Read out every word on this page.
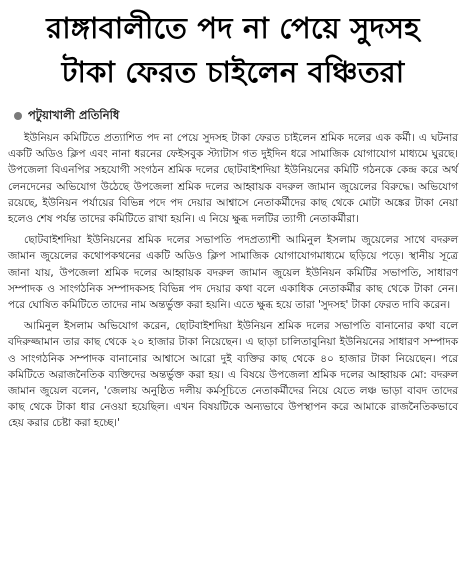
রাঙ্গাবালীতে পদ না পেয়ে সুদসহ
টাকা ফেরত চাইলেন বঞ্চিতরা
পটুয়াখালী প্রতিনিধি

ইউনিয়ন কমিটিতে প্রত্যাশিত পদ না পেয়ে সুদসহ টাকা ফেরত চাইলেন শ্রমিক দলের এক কর্মী। এ ঘটনার একটি অডিও ক্লিপ এবং নানা ধরনের ফেইসবুক স্ট্যাটাস গত দুইদিন ধরে সামাজিক যোগাযোগ মাধ্যমে ঘুরছে। উপজেলা বিএনপির সহযোগী সংগঠন শ্রমিক দলের ছোটবাইশদিয়া ইউনিয়নের কমিটি গঠনকে কেন্দ্র করে অর্থ লেনদেনের অভিযোগ উঠেছে উপজেলা শ্রমিক দলের আহ্বায়ক বদরুল জামান জুয়েলের বিরুদ্ধে। অভিযোগ রয়েছে, ইউনিয়ন পর্যায়ের বিভিন্ন পদে পদ দেয়ার আশ্বাসে নেতাকর্মীদের কাছ থেকে মোটা অঙ্কের টাকা নেয়া হলেও শেষ পর্যন্ত তাদের কমিটিতে রাখা হয়নি। এ নিয়ে ক্ষুব্ধ দলটির ত্যাগী নেতাকর্মীরা।

ছোটবাইশদিয়া ইউনিয়নের শ্রমিক দলের সভাপতি পদপ্রত্যাশী আমিনুল ইসলাম জুয়েলের সাথে বদরুল জামান জুয়েলের কথোপকথনের একটি অডিও ক্লিপ সামাজিক যোগাযোগমাধ্যমে ছড়িয়ে পড়ে। স্থানীয় সূত্রে জানা যায়, উপজেলা শ্রমিক দলের আহ্বায়ক বদরুল জামান জুয়েল ইউনিয়ন কমিটির সভাপতি, সাধারণ সম্পাদক ও সাংগঠনিক সম্পাদকসহ বিভিন্ন পদ দেয়ার কথা বলে একাধিক নেতাকর্মীর কাছ থেকে টাকা নেন। পরে ঘোষিত কমিটিতে তাদের নাম অন্তর্ভুক্ত করা হয়নি। এতে ক্ষুব্ধ হয়ে তারা 'সুদসহ' টাকা ফেরত দাবি করেন।

আমিনুল ইসলাম অভিযোগ করেন, ছোটবাইশদিয়া ইউনিয়ন শ্রমিক দলের সভাপতি বানানোর কথা বলে বদিরুজ্জামান তার কাছ থেকে ২০ হাজার টাকা নিয়েছেন। এ ছাড়া চালিতাবুনিয়া ইউনিয়নের সাধারণ সম্পাদক ও সাংগঠনিক সম্পাদক বানানোর আশ্বাসে আরো দুই ব্যক্তির কাছ থেকে ৪০ হাজার টাকা নিয়েছেন। পরে কমিটিতে অরাজনৈতিক ব্যক্তিদের অন্তর্ভুক্ত করা হয়। এ বিষয়ে উপজেলা শ্রমিক দলের আহ্বায়ক মো: বদরুল জামান জুয়েল বলেন, 'জেলায় অনুষ্ঠিত দলীয় কর্মসূচিতে নেতাকর্মীদের নিয়ে যেতে লঞ্চ ভাড়া বাবদ তাদের কাছ থেকে টাকা ধার নেওয়া হয়েছিল। এখন বিষয়টিকে অন্যভাবে উপস্থাপন করে আমাকে রাজনৈতিকভাবে হেয় করার চেষ্টা করা হচ্ছে।'
